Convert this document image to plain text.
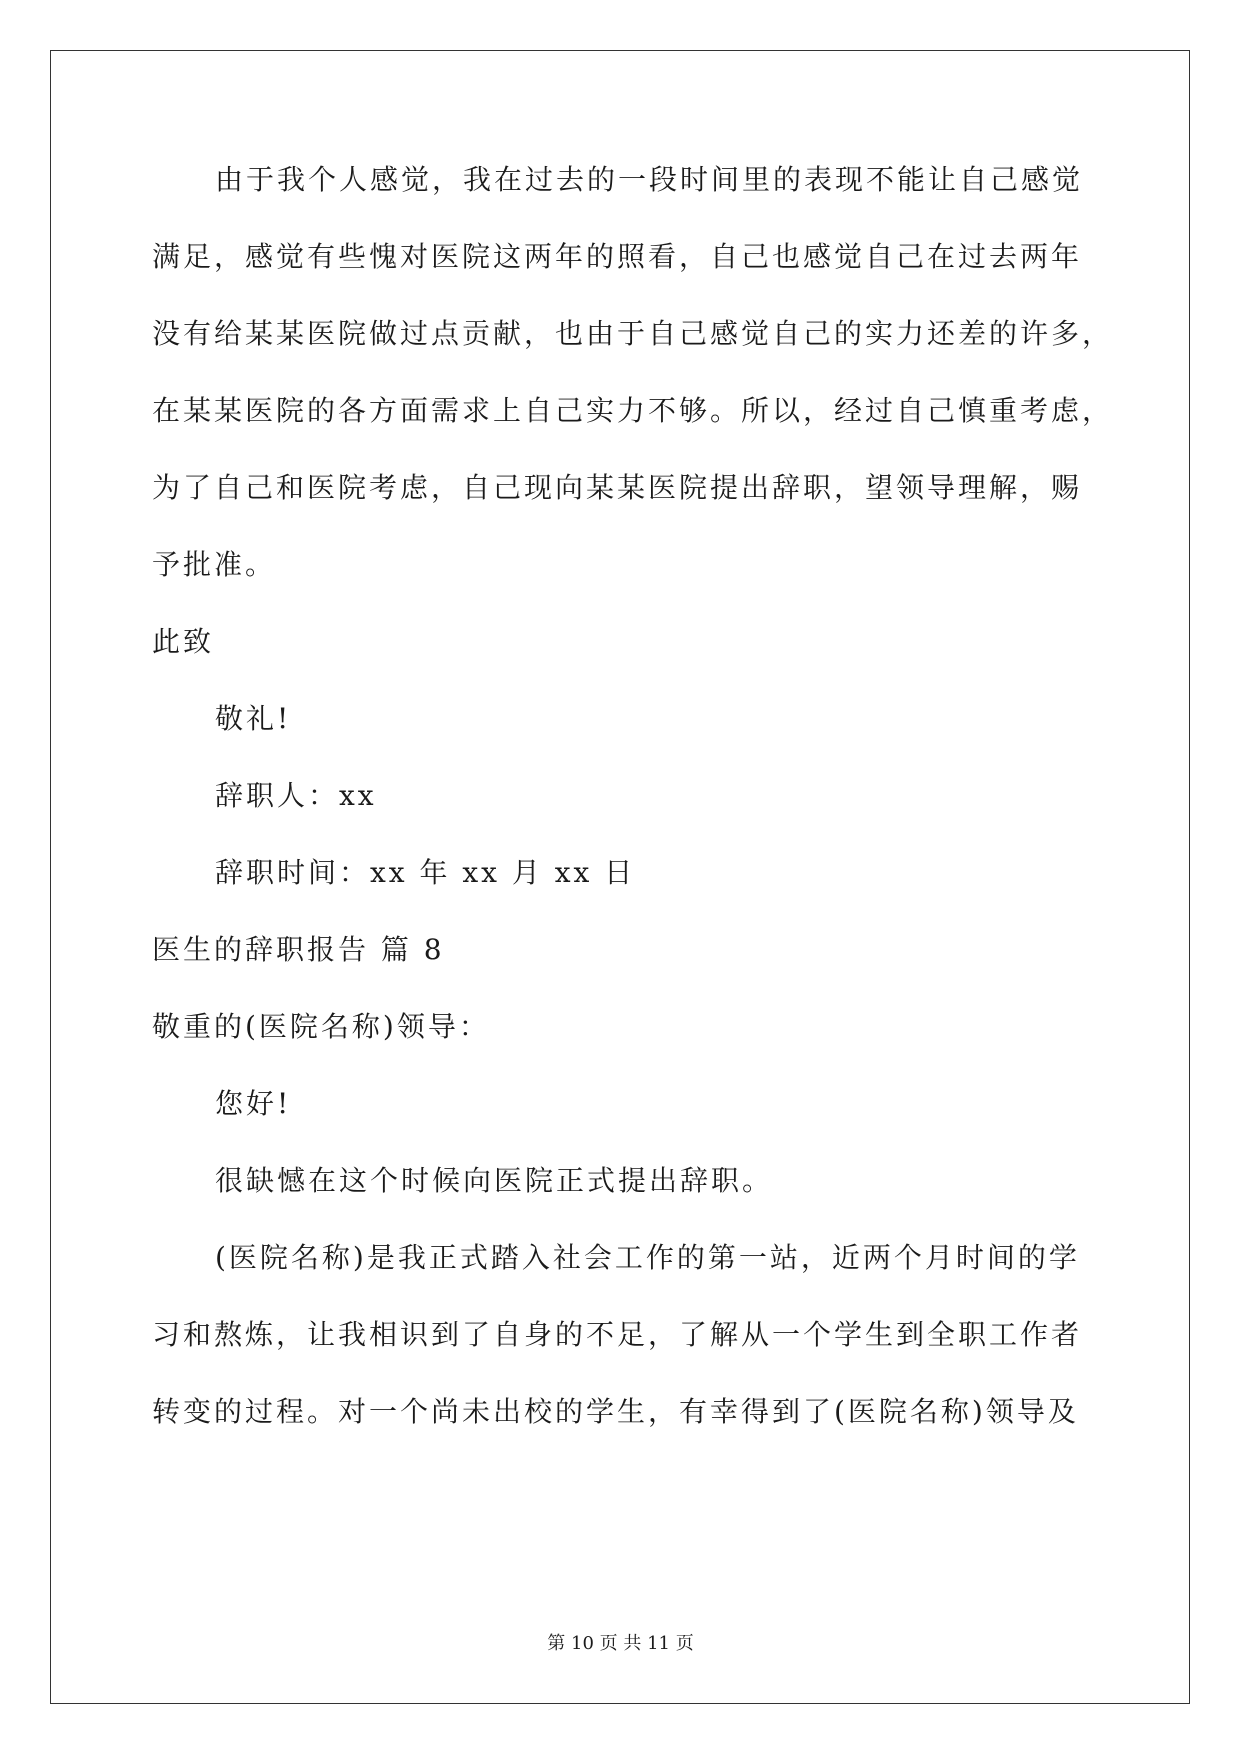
由于我个人感觉，我在过去的一段时间里的表现不能让自己感觉
满足，感觉有些愧对医院这两年的照看，自己也感觉自己在过去两年
没有给某某医院做过点贡献，也由于自己感觉自己的实力还差的许多，
在某某医院的各方面需求上自己实力不够。所以，经过自己慎重考虑，
为了自己和医院考虑，自己现向某某医院提出辞职，望领导理解，赐
予批准。
此致
敬礼!
辞职人：xx
辞职时间：xx 年 xx 月 xx 日
医生的辞职报告 篇 8
敬重的(医院名称)领导：
您好!
很缺憾在这个时候向医院正式提出辞职。
(医院名称)是我正式踏入社会工作的第一站，近两个月时间的学
习和熬炼，让我相识到了自身的不足，了解从一个学生到全职工作者
转变的过程。对一个尚未出校的学生，有幸得到了(医院名称)领导及
第 10 页 共 11 页
